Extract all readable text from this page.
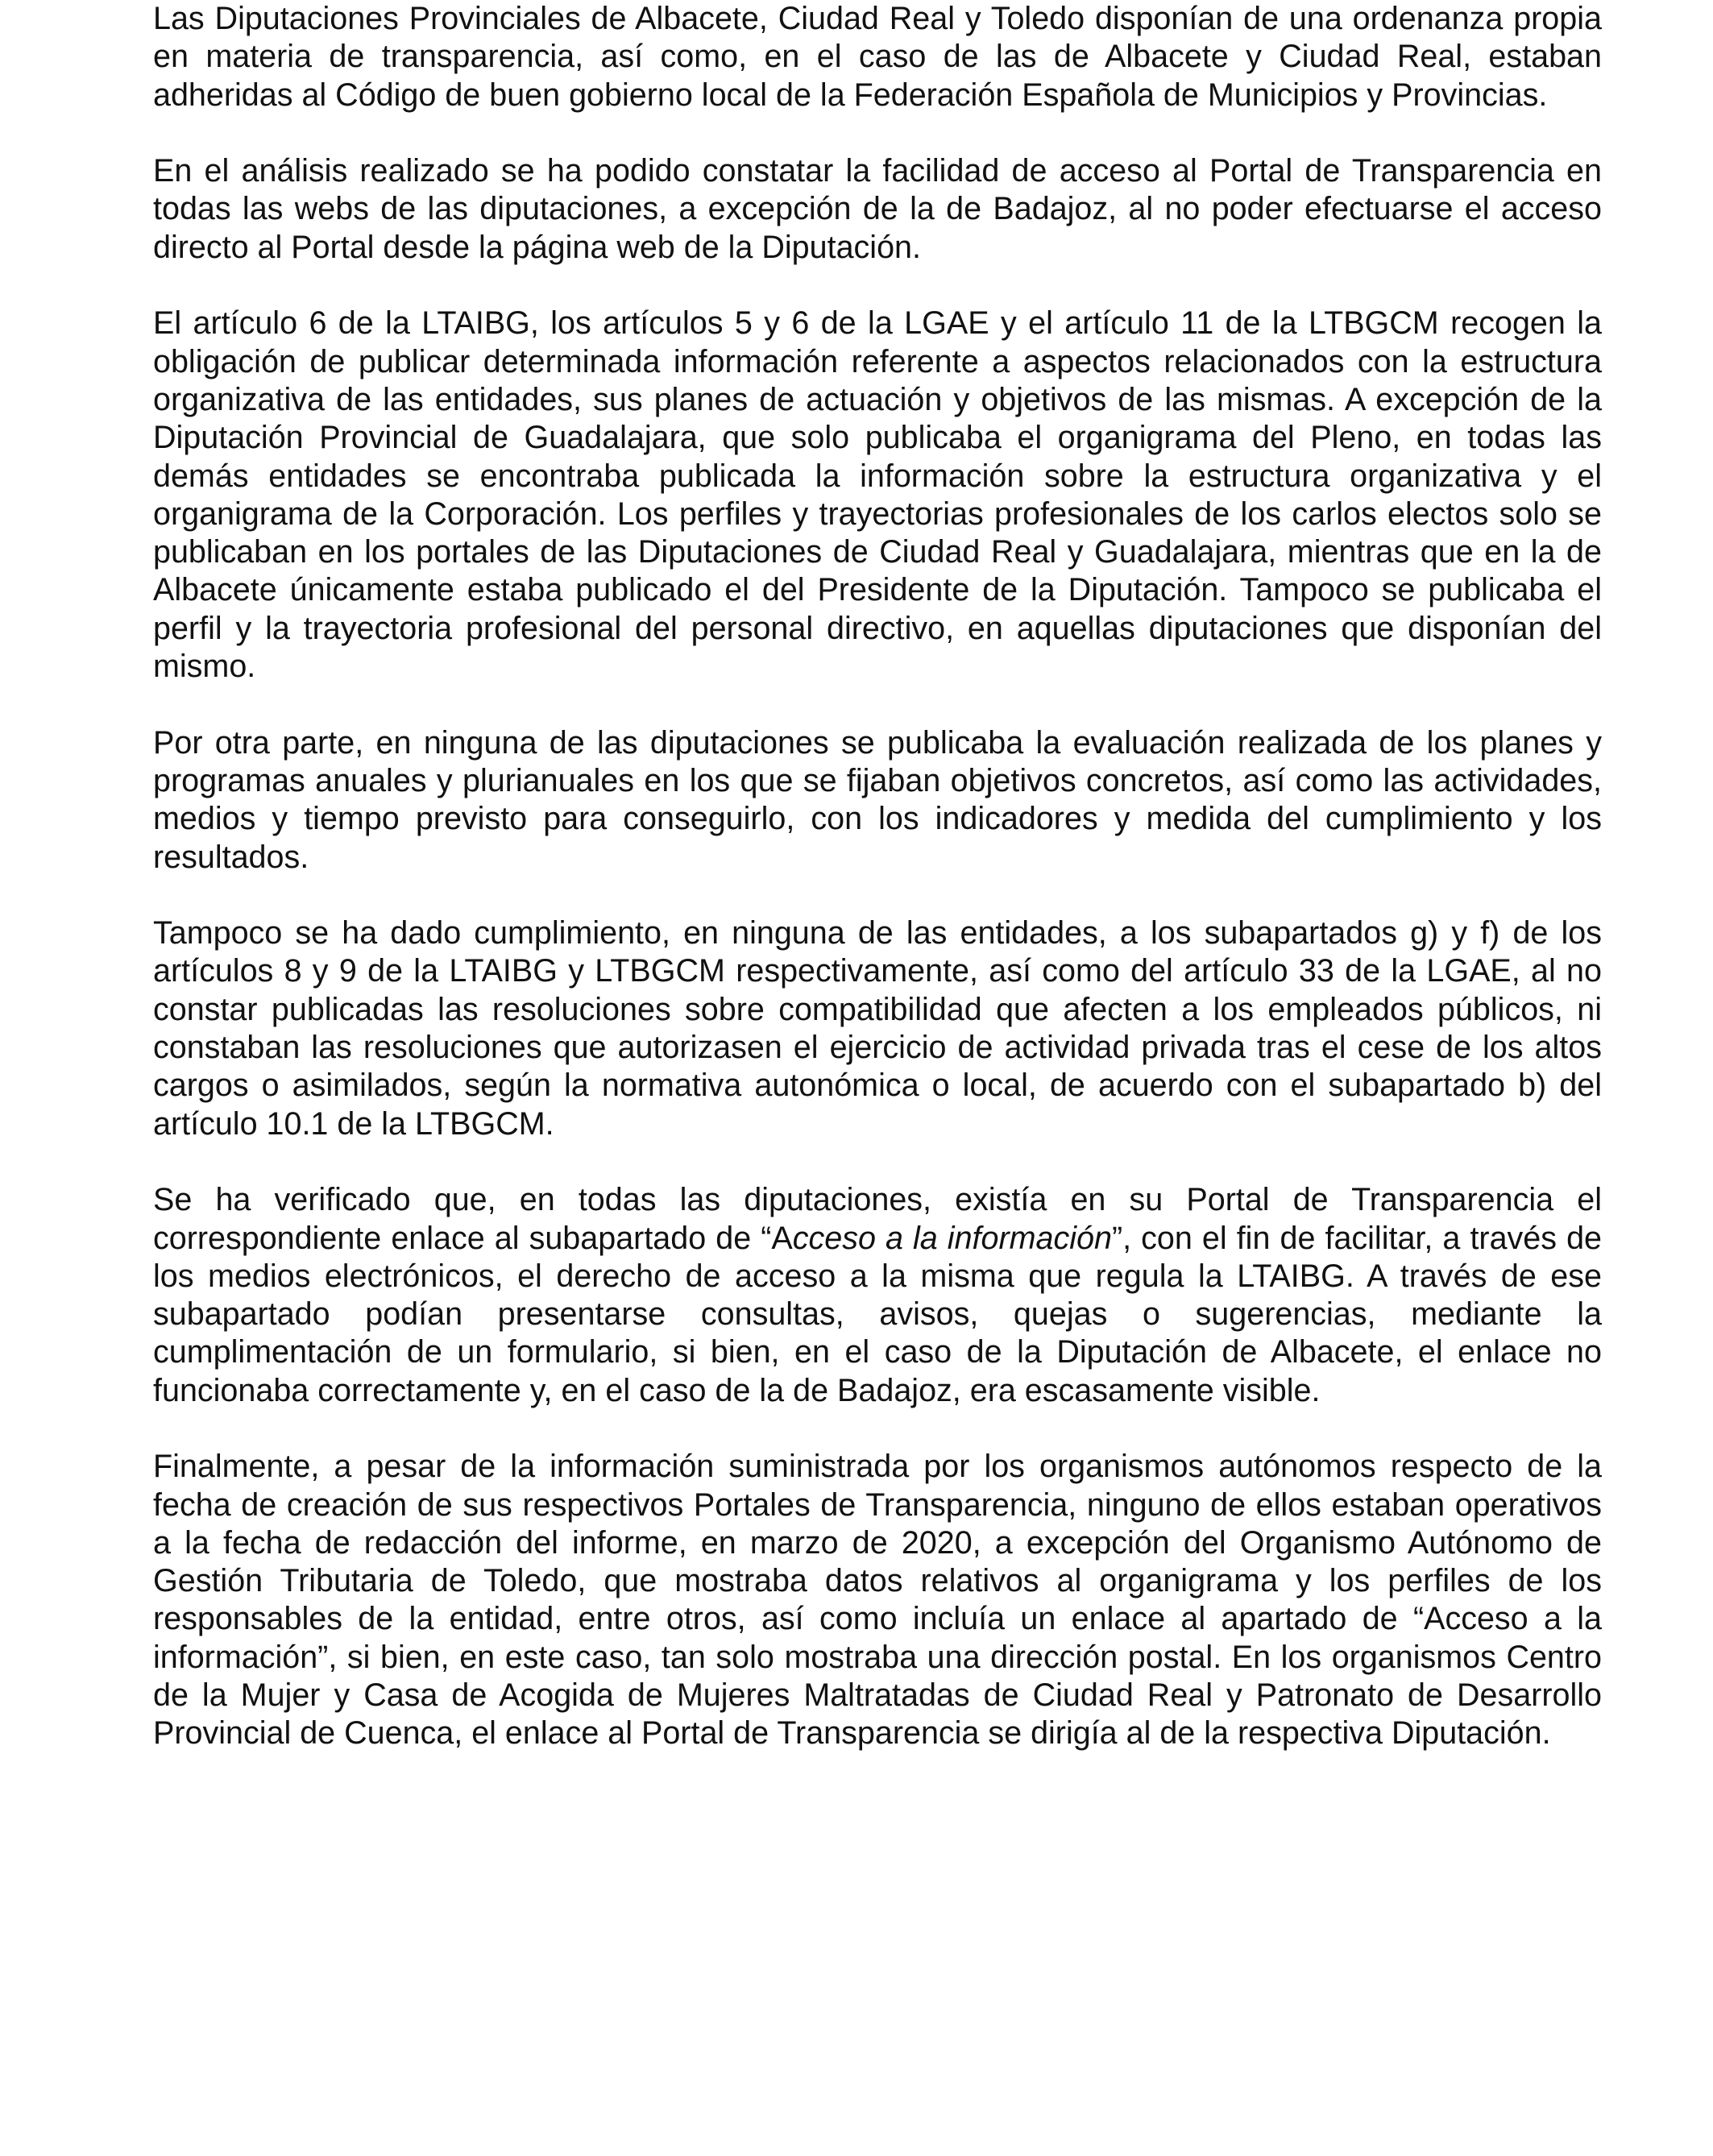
Las Diputaciones Provinciales de Albacete, Ciudad Real y Toledo disponían de una ordenanza propia en materia de transparencia, así como, en el caso de las de Albacete y Ciudad Real, estaban adheridas al Código de buen gobierno local de la Federación Española de Municipios y Provincias.

En el análisis realizado se ha podido constatar la facilidad de acceso al Portal de Transparencia en todas las webs de las diputaciones, a excepción de la de Badajoz, al no poder efectuarse el acceso directo al Portal desde la página web de la Diputación.

El artículo 6 de la LTAIBG, los artículos 5 y 6 de la LGAE y el artículo 11 de la LTBGCM recogen la obligación de publicar determinada información referente a aspectos relacionados con la estructura organizativa de las entidades, sus planes de actuación y objetivos de las mismas. A excepción de la Diputación Provincial de Guadalajara, que solo publicaba el organigrama del Pleno, en todas las demás entidades se encontraba publicada la información sobre la estructura organizativa y el organigrama de la Corporación. Los perfiles y trayectorias profesionales de los carlos electos solo se publicaban en los portales de las Diputaciones de Ciudad Real y Guadalajara, mientras que en la de Albacete únicamente estaba publicado el del Presidente de la Diputación. Tampoco se publicaba el perfil y la trayectoria profesional del personal directivo, en aquellas diputaciones que disponían del mismo.

Por otra parte, en ninguna de las diputaciones se publicaba la evaluación realizada de los planes y programas anuales y plurianuales en los que se fijaban objetivos concretos, así como las actividades, medios y tiempo previsto para conseguirlo, con los indicadores y medida del cumplimiento y los resultados.

Tampoco se ha dado cumplimiento, en ninguna de las entidades, a los subapartados g) y f) de los artículos 8 y 9 de la LTAIBG y LTBGCM respectivamente, así como del artículo 33 de la LGAE, al no constar publicadas las resoluciones sobre compatibilidad que afecten a los empleados públicos, ni constaban las resoluciones que autorizasen el ejercicio de actividad privada tras el cese de los altos cargos o asimilados, según la normativa autonómica o local, de acuerdo con el subapartado b) del artículo 10.1 de la LTBGCM.

Se ha verificado que, en todas las diputaciones, existía en su Portal de Transparencia el correspondiente enlace al subapartado de “Acceso a la información”, con el fin de facilitar, a través de los medios electrónicos, el derecho de acceso a la misma que regula la LTAIBG. A través de ese subapartado podían presentarse consultas, avisos, quejas o sugerencias, mediante la cumplimentación de un formulario, si bien, en el caso de la Diputación de Albacete, el enlace no funcionaba correctamente y, en el caso de la de Badajoz, era escasamente visible.

Finalmente, a pesar de la información suministrada por los organismos autónomos respecto de la fecha de creación de sus respectivos Portales de Transparencia, ninguno de ellos estaban operativos a la fecha de redacción del informe, en marzo de 2020, a excepción del Organismo Autónomo de Gestión Tributaria de Toledo, que mostraba datos relativos al organigrama y los perfiles de los responsables de la entidad, entre otros, así como incluía un enlace al apartado de “Acceso a la información”, si bien, en este caso, tan solo mostraba una dirección postal. En los organismos Centro de la Mujer y Casa de Acogida de Mujeres Maltratadas de Ciudad Real y Patronato de Desarrollo Provincial de Cuenca, el enlace al Portal de Transparencia se dirigía al de la respectiva Diputación.
